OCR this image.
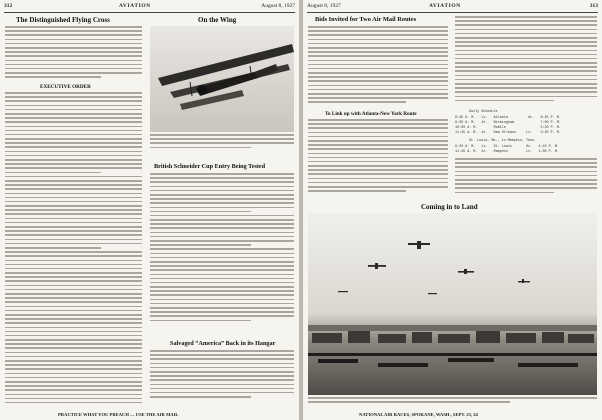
312	AVIATION	August 8, 1927
The Distinguished Flying Cross
EXECUTIVE ORDER
On the Wing
British Schneider Cup Entry Being Tested
Salvaged “America” Back in its Hangar
PRACTICE WHAT YOU PREACH — USE THE AIR MAIL
August 8, 1927	AVIATION	313
Bids Invited for Two Air Mail Routes
To Link up with Atlanta-New York Route	Daily Schedule
6:45 A. M.   Lv.   Atlanta          Ar.   8:45 P. M.
8:30 A. M.   Ar.   Birmingham             7:00 P. M.
10:00 A. M.        Mobile                 5:30 P. M.
11:45 A. M.  Ar.   New Orleans     Lv.    3:45 P. M.
St. Louis, Mo., to Memphis, Tenn.
9:20 A. M.   Lv.   St. Louis       Ar.   4:10 P. M.
11:45 A. M.  Ar.   Memphis         Lv.   1:30 P. M.
Coming in to Land
NATIONAL AIR RACES, SPOKANE, WASH., SEPT. 23, 24
